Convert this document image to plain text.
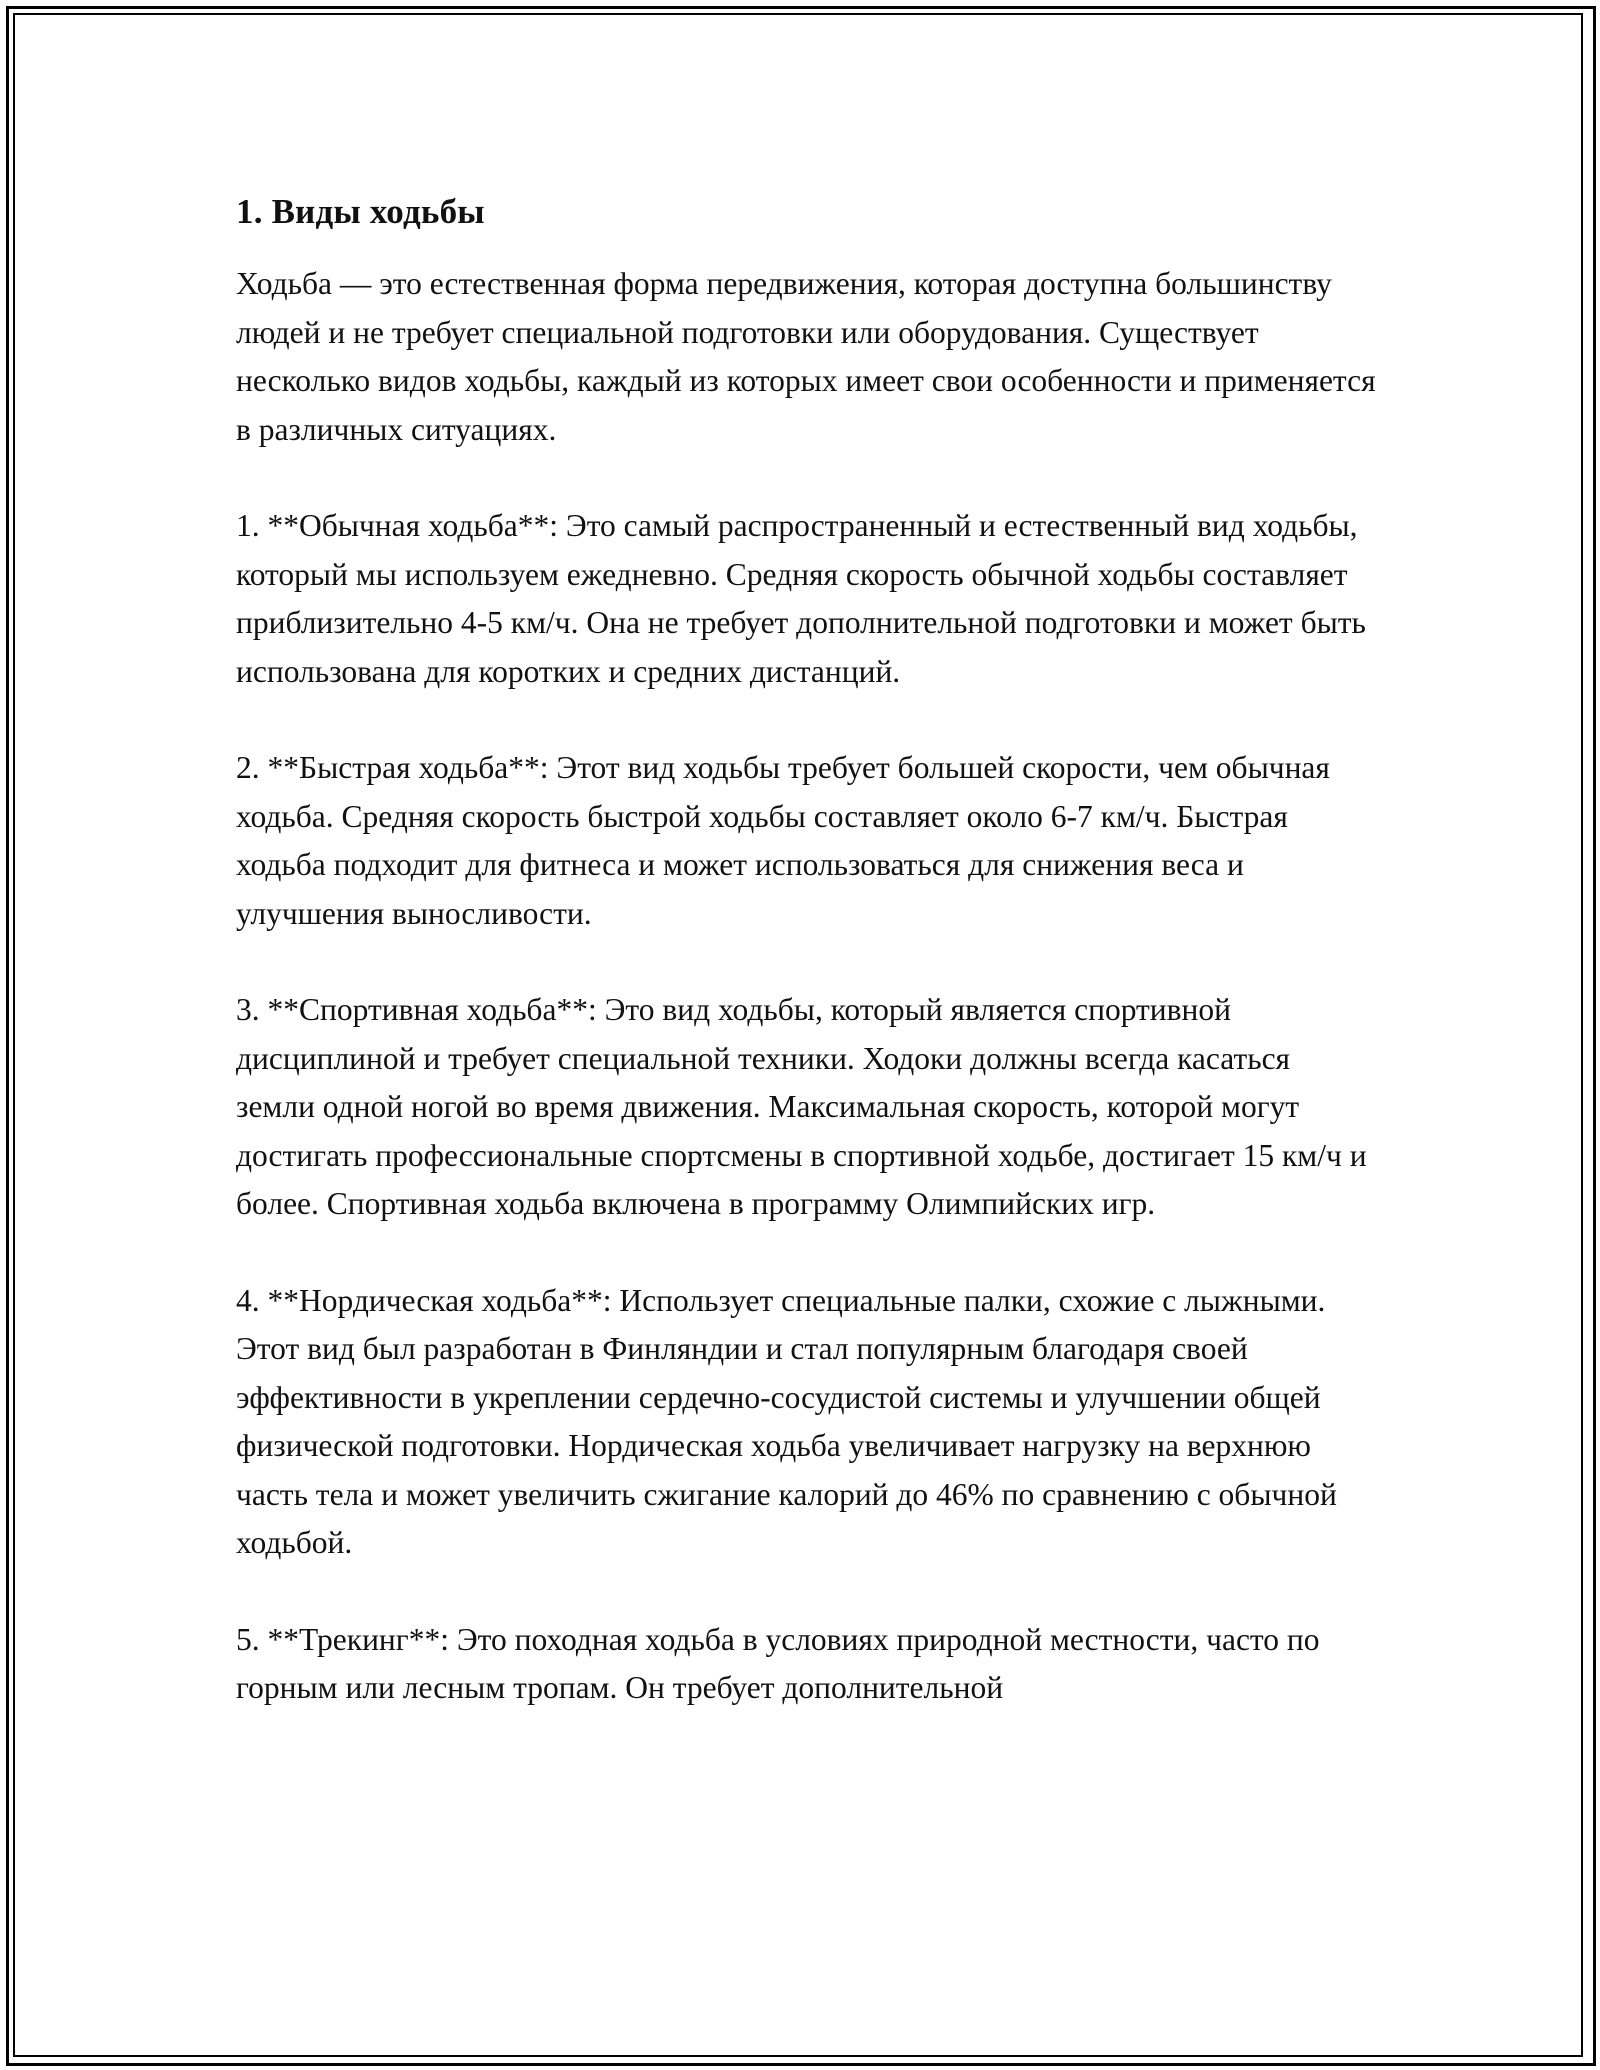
1. Виды ходьбы

Ходьба — это естественная форма передвижения, которая доступна большинству людей и не требует специальной подготовки или оборудования. Существует несколько видов ходьбы, каждый из которых имеет свои особенности и применяется в различных ситуациях.

1. **Обычная ходьба**: Это самый распространенный и естественный вид ходьбы, который мы используем ежедневно. Средняя скорость обычной ходьбы составляет приблизительно 4-5 км/ч. Она не требует дополнительной подготовки и может быть использована для коротких и средних дистанций.

2. **Быстрая ходьба**: Этот вид ходьбы требует большей скорости, чем обычная ходьба. Средняя скорость быстрой ходьбы составляет около 6-7 км/ч. Быстрая ходьба подходит для фитнеса и может использоваться для снижения веса и улучшения выносливости.

3. **Спортивная ходьба**: Это вид ходьбы, который является спортивной дисциплиной и требует специальной техники. Ходоки должны всегда касаться земли одной ногой во время движения. Максимальная скорость, которой могут достигать профессиональные спортсмены в спортивной ходьбе, достигает 15 км/ч и более. Спортивная ходьба включена в программу Олимпийских игр.

4. **Нордическая ходьба**: Использует специальные палки, схожие с лыжными. Этот вид был разработан в Финляндии и стал популярным благодаря своей эффективности в укреплении сердечно-сосудистой системы и улучшении общей физической подготовки. Нордическая ходьба увеличивает нагрузку на верхнюю часть тела и может увеличить сжигание калорий до 46% по сравнению с обычной ходьбой.

5. **Трекинг**: Это походная ходьба в условиях природной местности, часто по горным или лесным тропам. Он требует дополнительной
